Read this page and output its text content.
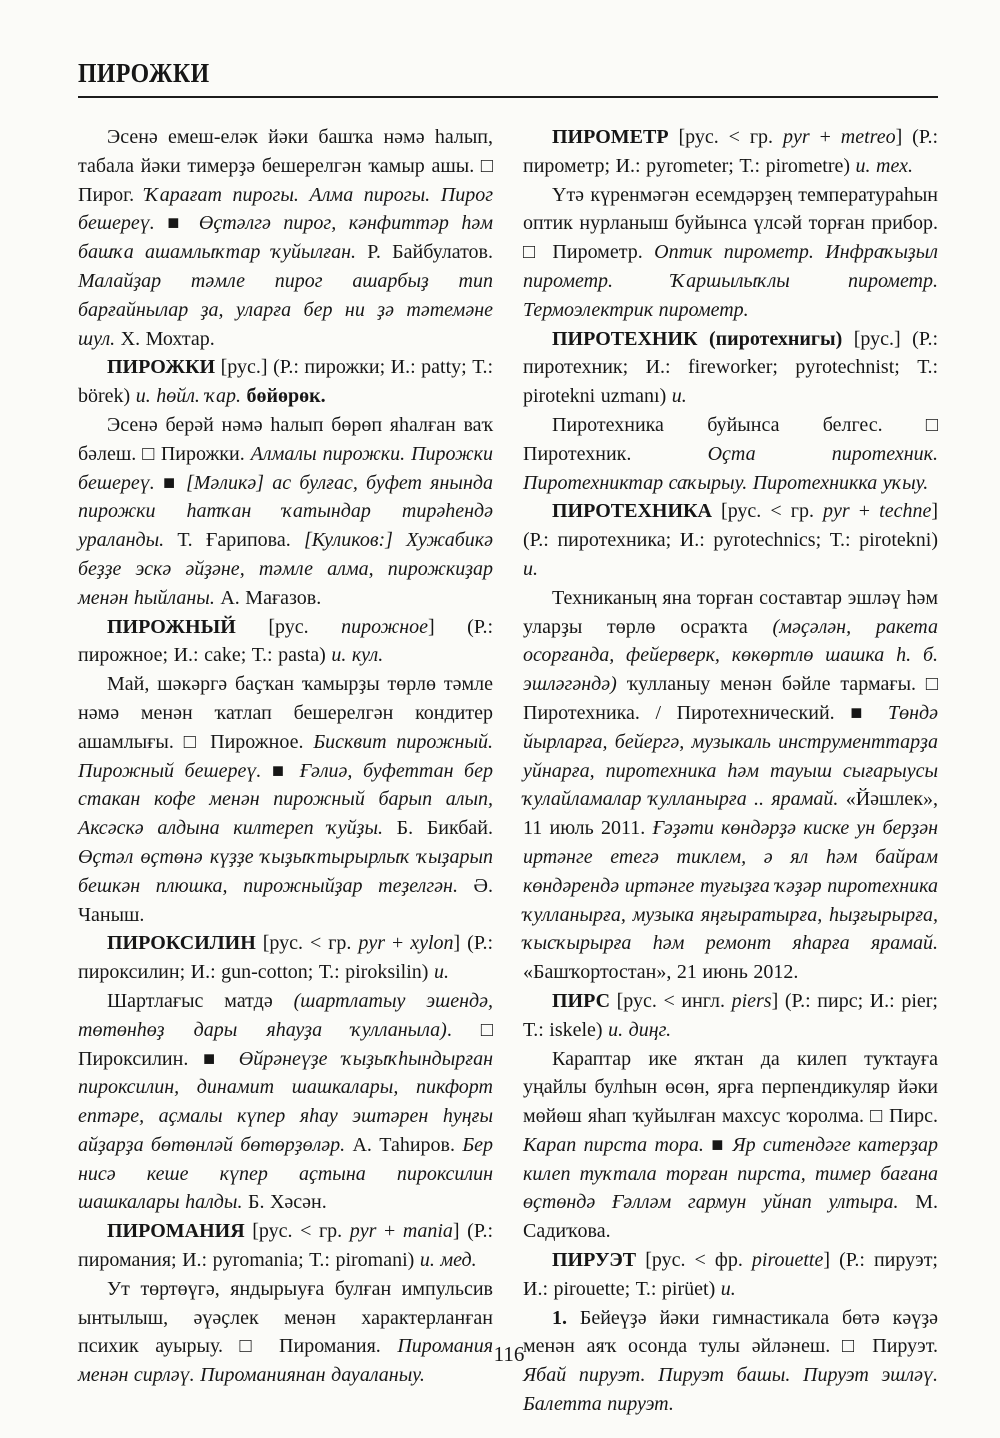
ПИРОЖКИ

Эсенә емеш-еләк йәки башҡа нәмә һалып, табала йәки тимерҙә бешерелгән ҡамыр ашы. □ Пирог. Ҡарағат пирогы. Алма пирогы. Пирог бешереү. ■ Өҫтәлгә пирог, кәнфиттәр һәм башҡа ашамлыҡтар ҡуйылған. Р. Байбулатов. Малайҙар тәмле пирог ашарбыҙ тип барғайнылар ҙа, уларға бер ни ҙә тәтемәне шул. Х. Мохтар.

ПИРОЖКИ [рус.] (Р.: пирожки; И.: patty; Т.: börek) и. һөйл. ҡар. бөйөрөк.

Эсенә берәй нәмә һалып бөрөп яһалған ваҡ бәлеш. □ Пирожки. Алмалы пирожки. Пирожки бешереү. ■ [Мәликә] ас булғас, буфет янында пирожки һатҡан ҡатындар тирәһендә ураланды. Т. Ғарипова. [Куликов:] Хужабикә беҙҙе эскә әйҙәне, тәмле алма, пирожкиҙар менән һыйланы. А. Мағазов.

ПИРОЖНЫЙ [рус. пирожное] (Р.: пирожное; И.: cake; Т.: pasta) и. кул.

Май, шәкәргә баҫҡан ҡамырҙы төрлө тәмле нәмә менән ҡатлап бешерелгән кондитер ашамлығы. □ Пирожное. Бисквит пирожный. Пирожный бешереү. ■ Ғәлиә, буфеттан бер стакан кофе менән пирожный барып алып, Аксәскә алдына килтереп ҡуйҙы. Б. Бикбай. Өҫтәл өҫтөнә күҙҙе ҡыҙыҡтырырлыҡ ҡыҙарып бешкән плюшка, пирожныйҙар теҙелгән. Ә. Чаныш.

ПИРОКСИЛИН [рус. < гр. pyr + xylon] (Р.: пироксилин; И.: gun-cotton; Т.: piroksilin) и.

Шартлағыс матдә (шартлатыу эшендә, төтөнһөҙ дары яһауҙа ҡулланыла). □ Пироксилин. ■ Өйрәнеүҙе ҡыҙыҡһындырған пироксилин, динамит шашкалары, пикфорт ептәре, аҫмалы күпер яһау эштәрен һуңғы айҙарҙа бөтөнләй бөтөрҙөләр. А. Таһиров. Бер нисә кеше күпер аҫтына пироксилин шашкалары һалды. Б. Хәсән.

ПИРОМАНИЯ [рус. < гр. pyr + mania] (Р.: пиромания; И.: pyromania; Т.: piromani) и. мед.

Ут төртөүгә, яндырыуға булған импульсив ынтылыш, әүәҫлек менән характерланған психик ауырыу. □ Пиромания. Пиромания менән сирләү. Пироманиянан дауаланыу.

ПИРОМЕТР [рус. < гр. pyr + metreo] (Р.: пирометр; И.: pyrometer; Т.: pirometre) и. тех.

Үтә күренмәгән есемдәрҙең температураһын оптик нурланыш буйынса үлсәй торған прибор. □ Пирометр. Оптик пирометр. Инфраҡыҙыл пирометр. Ҡаршылыҡлы пирометр. Термоэлектрик пирометр.

ПИРОТЕХНИК (пиротехнигы) [рус.] (Р.: пиротехник; И.: fireworker; pyrotechnist; Т.: pirotekni uzmanı) и.

Пиротехника буйынса белгес. □ Пиротехник. Оҫта пиротехник. Пиротехниктар саҡырыу. Пиротехникка уҡыу.

ПИРОТЕХНИКА [рус. < гр. pyr + techne] (Р.: пиротехника; И.: pyrotechnics; Т.: pirotekni) и.

Техниканың яна торған составтар эшләү һәм уларҙы төрлө осраҡта (мәҫәлән, ракета осорғанда, фейерверк, көкөртлө шашка һ. б. эшләгәндә) ҡулланыу менән бәйле тармағы. □ Пиротехника. / Пиротехнический. ■ Төндә йырларға, бейергә, музыкаль инструменттарҙа уйнарға, пиротехника һәм тауыш сығарыусы ҡулайламалар ҡулланырға .. ярамай. «Йәшлек», 11 июль 2011. Ғәҙәти көндәрҙә киске ун берҙән иртәнге етегә тиклем, ә ял һәм байрам көндәрендә иртәнге туғыҙға ҡәҙәр пиротехника ҡулланырға, музыка яңғыратырға, һыҙғырырға, ҡысҡырырға һәм ремонт яһарға ярамай. «Башҡортостан», 21 июнь 2012.

ПИРС [рус. < ингл. piers] (Р.: пирс; И.: pier; Т.: iskele) и. диңг.

Караптар ике яҡтан да килеп туҡтауға уңайлы булһын өсөн, ярға перпендикуляр йәки мөйөш яһап ҡуйылған махсус ҡоролма. □ Пирс. Карап пирста тора. ■ Яр ситендәге катерҙар килеп туҡтала торған пирста, тимер бағана өҫтөндә Ғәлләм гармун уйнап ултыра. М. Садиҡова.

ПИРУЭТ [рус. < фр. pirouette] (Р.: пируэт; И.: pirouette; Т.: pirüet) и.

1. Бейеүҙә йәки гимнастикала бөтә кәүҙә менән аяҡ осонда тулы әйләнеш. □ Пируэт. Ябай пируэт. Пируэт башы. Пируэт эшләү. Балетта пируэт.

116
